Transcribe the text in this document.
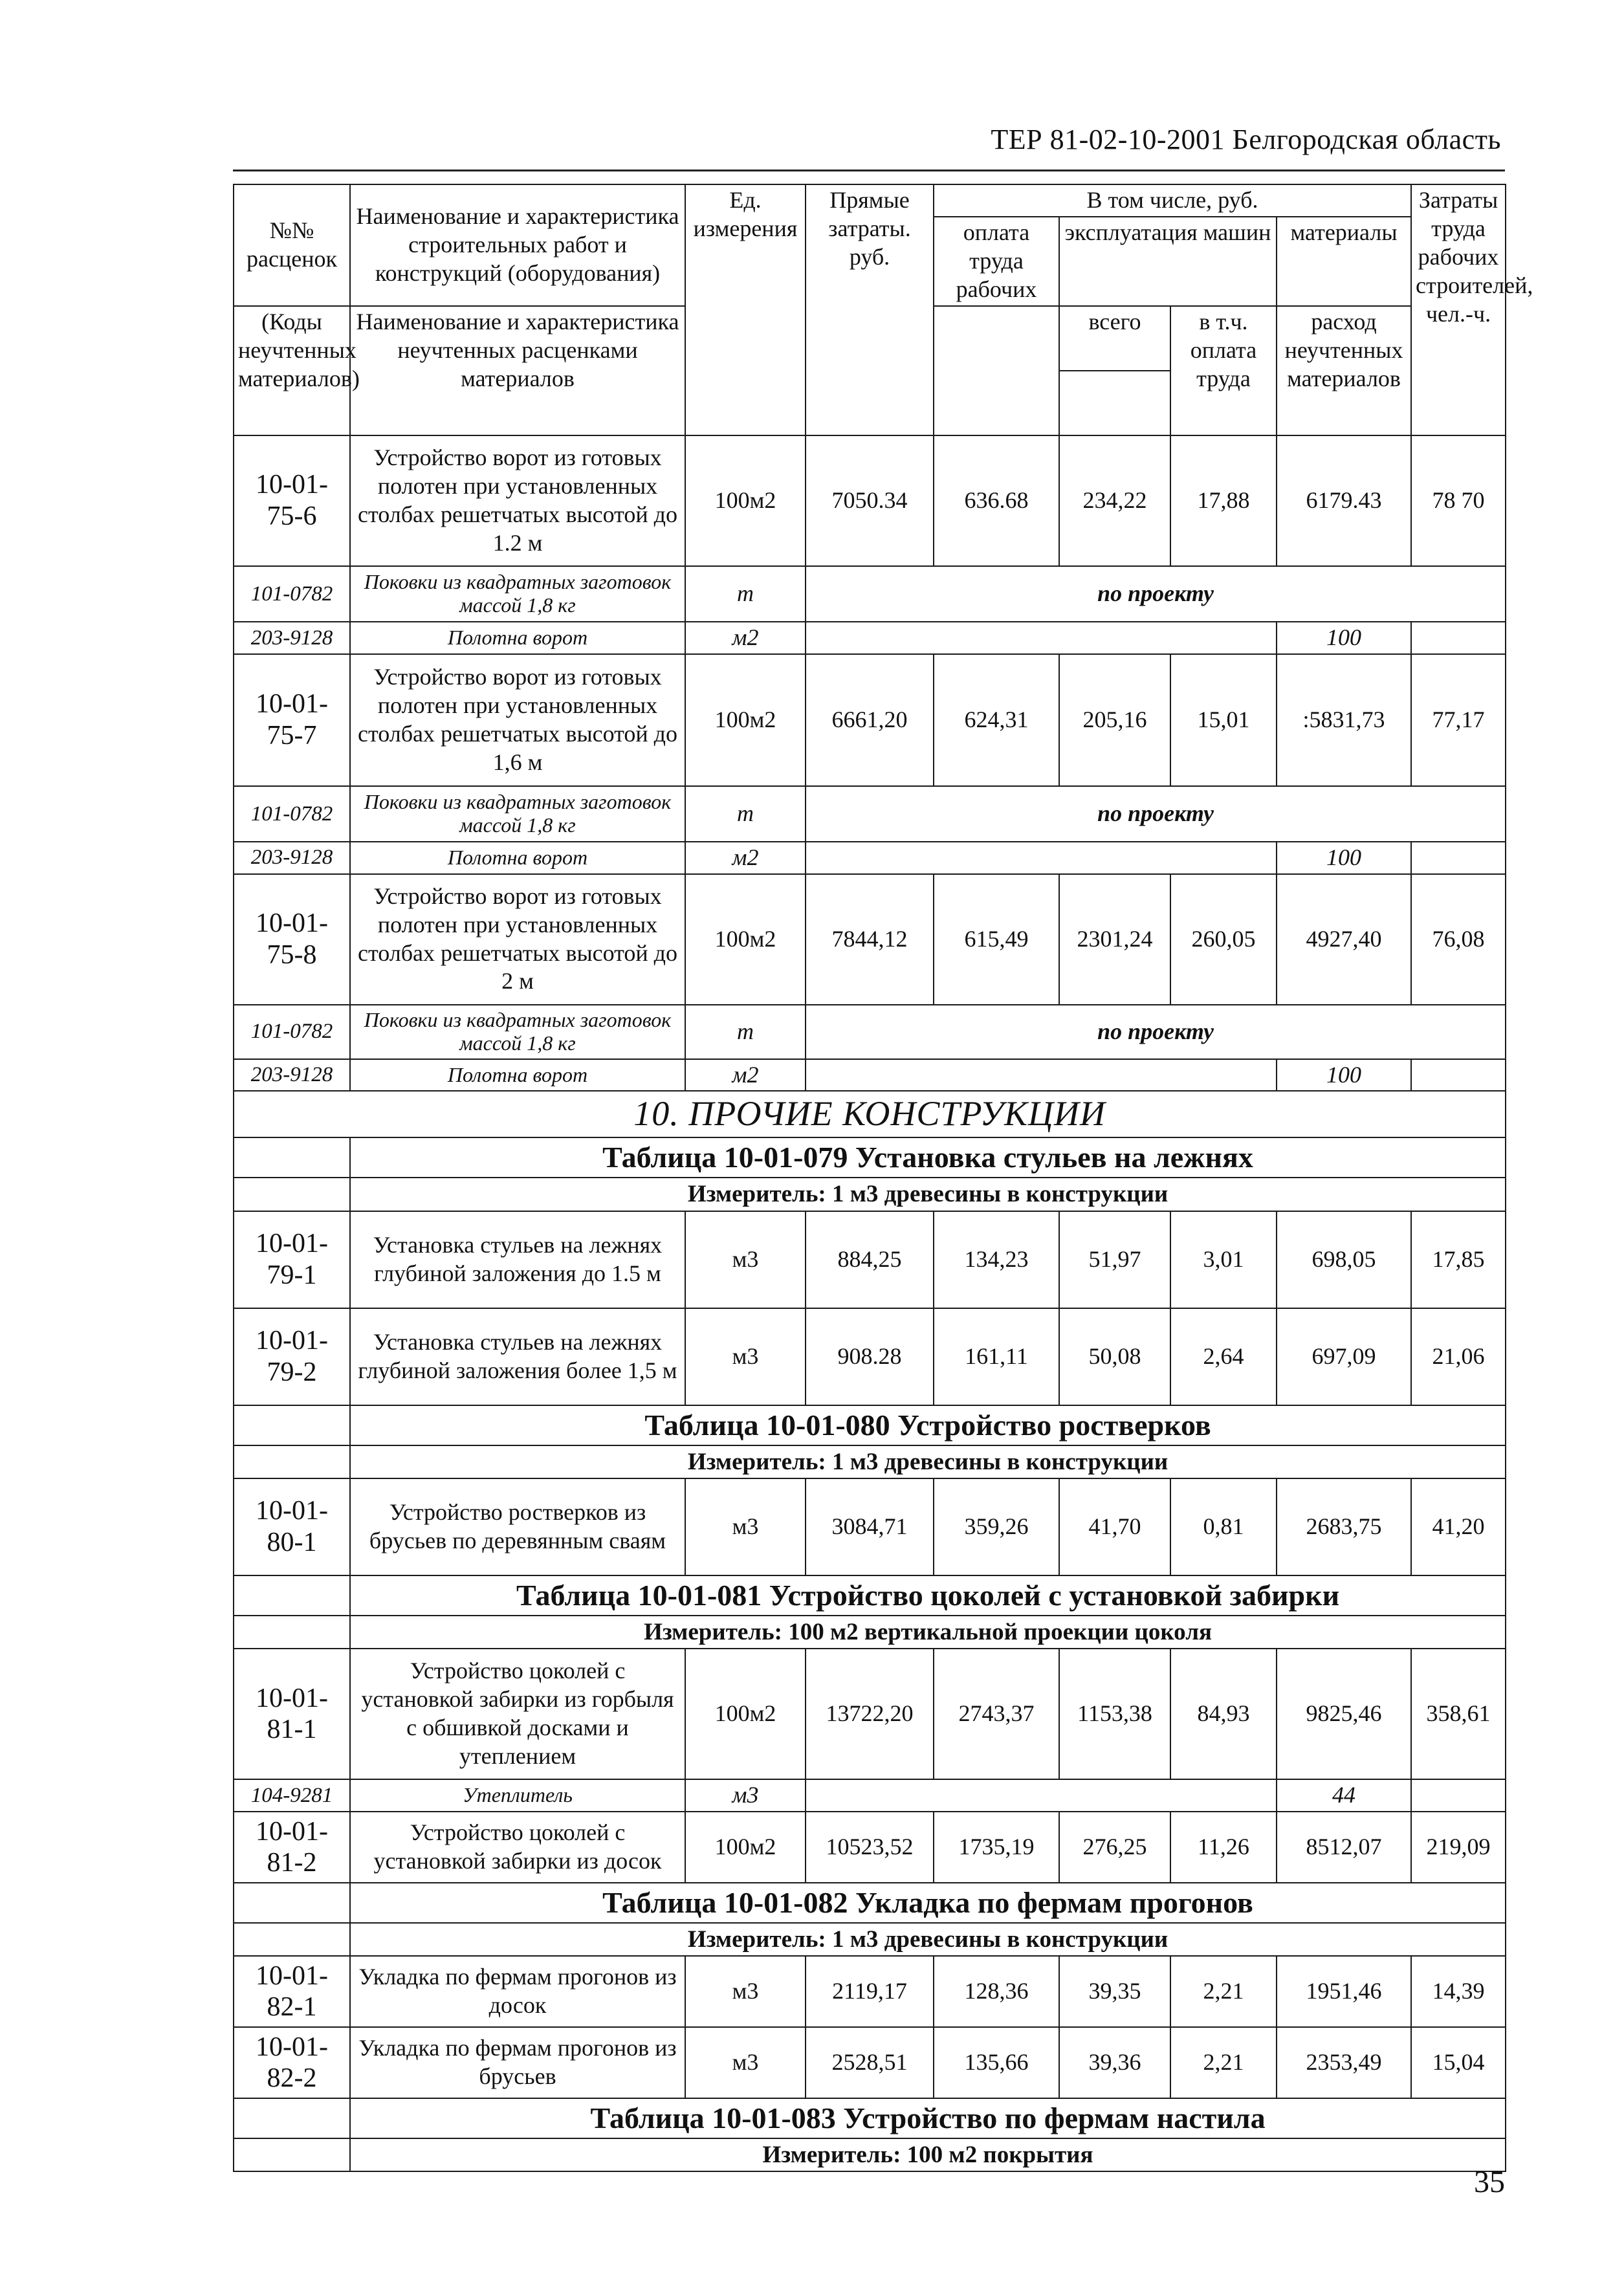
ТЕР 81-02-10-2001 Белгородская область
№№ расценок	Наименование и характеристика строительных работ и конструкций (оборудования)	Ед. измерения	Прямые затраты. руб.	В том числе, руб.				Затраты труда рабочих строителей, чел.-ч.
				оплата труда рабочих	эксплуатация машин		материалы	

(Коды неучтенных материалов)	Наименование и характеристика неучтенных расценками материалов				всего	в т.ч. оплата труда	расход неучтенных материалов	

10-01-75-6	Устройство ворот из готовых полотен при установленных столбах решетчатых высотой до 1.2 м	100м2	7050.34	636.68	234,22	17,88	6179.43	78 70
101-0782	Поковки из квадратных заготовок массой 1,8 кг	т	по проекту					
203-9128	Полотна ворот	м2					100	
10-01-75-7	Устройство ворот из готовых полотен при установленных столбах решетчатых высотой до 1,6 м	100м2	6661,20	624,31	205,16	15,01	:5831,73	77,17
101-0782	Поковки из квадратных заготовок массой 1,8 кг	т	по проекту					
203-9128	Полотна ворот	м2					100	
10-01-75-8	Устройство ворот из готовых полотен при установленных столбах решетчатых высотой до 2 м	100м2	7844,12	615,49	2301,24	260,05	4927,40	76,08
101-0782	Поковки из квадратных заготовок массой 1,8 кг	т	по проекту					
203-9128	Полотна ворот	м2					100	
10. ПРОЧИЕ КОНСТРУКЦИИ								
	Таблица 10-01-079 Установка стульев на лежнях							
	Измеритель: 1 м3 древесины в конструкции							
10-01-79-1	Установка стульев на лежнях глубиной заложения до 1.5 м	м3	884,25	134,23	51,97	3,01	698,05	17,85
10-01-79-2	Установка стульев на лежнях глубиной заложения более 1,5 м	м3	908.28	161,11	50,08	2,64	697,09	21,06
	Таблица 10-01-080 Устройство ростверков							
	Измеритель: 1 м3 древесины в конструкции							
10-01-80-1	Устройство ростверков из брусьев по деревянным сваям	м3	3084,71	359,26	41,70	0,81	2683,75	41,20
	Таблица 10-01-081 Устройство цоколей с установкой забирки							
	Измеритель: 100 м2 вертикальной проекции цоколя							
10-01-81-1	Устройство цоколей с установкой забирки из горбыля с обшивкой досками и утеплением	100м2	13722,20	2743,37	1153,38	84,93	9825,46	358,61
104-9281	Утеплитель	м3					44	
10-01-81-2	Устройство цоколей с установкой забирки из досок	100м2	10523,52	1735,19	276,25	11,26	8512,07	219,09
	Таблица 10-01-082 Укладка по фермам прогонов							
	Измеритель: 1 м3 древесины в конструкции							
10-01-82-1	Укладка по фермам прогонов из досок	м3	2119,17	128,36	39,35	2,21	1951,46	14,39
10-01-82-2	Укладка по фермам прогонов из брусьев	м3	2528,51	135,66	39,36	2,21	2353,49	15,04
	Таблица 10-01-083 Устройство по фермам настила							
	Измеритель: 100 м2 покрытия							
35
